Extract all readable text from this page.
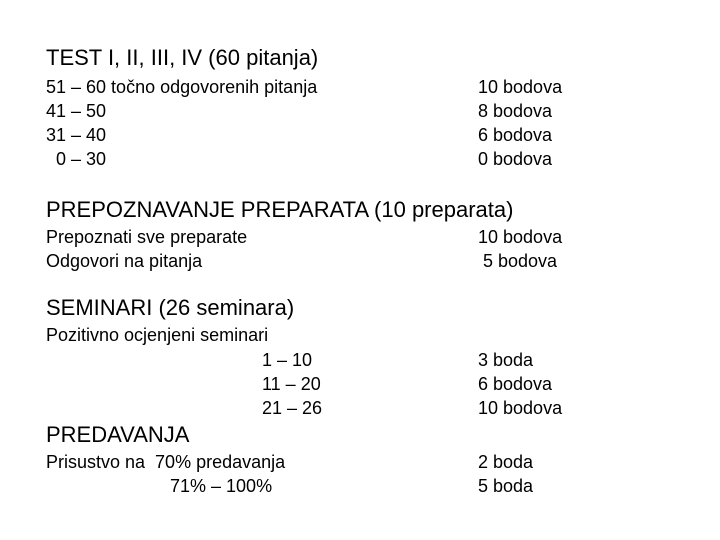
TEST I, II, III, IV (60 pitanja)
51 – 60 točno odgovorenih pitanja	10 bodova
41 – 50	8 bodova
31 – 40	6 bodova
0 – 30	0 bodova
PREPOZNAVANJE PREPARATA (10 preparata)
Prepoznati sve preparate	10 bodova
Odgovori na pitanja	5 bodova
SEMINARI (26 seminara)
Pozitivno ocjenjeni seminari
1 – 10	3 boda
11 – 20	6 bodova
21 – 26	10 bodova
PREDAVANJA
Prisustvo na  70% predavanja	2 boda
71% – 100%	5 boda
